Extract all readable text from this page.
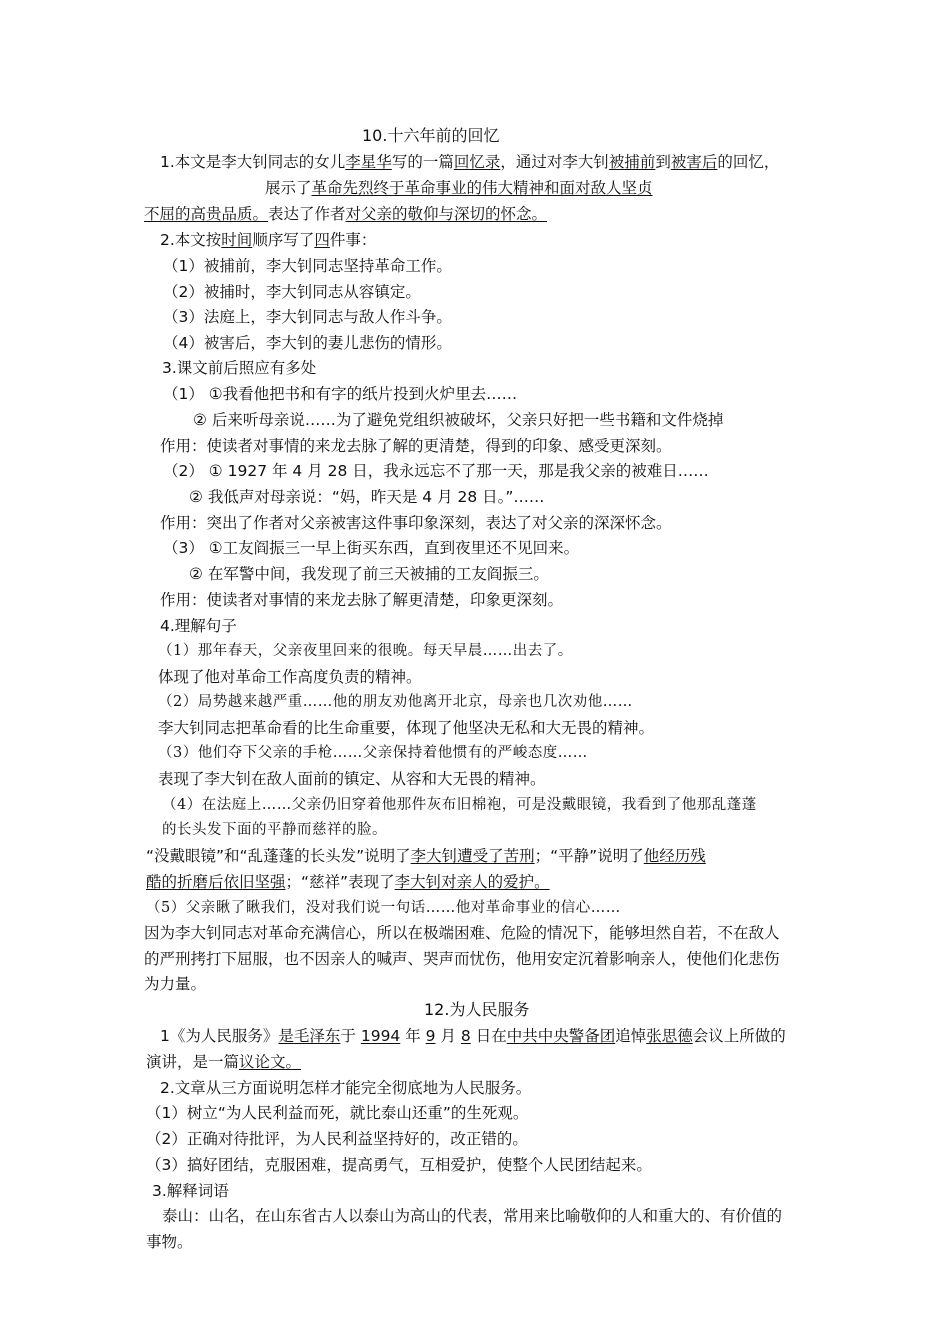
10.十六年前的回忆
1.本文是李大钊同志的女儿李星华写的一篇回忆录，通过对李大钊被捕前到被害后的回忆，
展示了革命先烈终于革命事业的伟大精神和面对敌人坚贞
不屈的高贵品质。表达了作者对父亲的敬仰与深切的怀念。
2.本文按时间顺序写了四件事：
（1）被捕前，李大钊同志坚持革命工作。
（2）被捕时，李大钊同志从容镇定。
（3）法庭上，李大钊同志与敌人作斗争。
（4）被害后，李大钊的妻儿悲伤的情形。
3.课文前后照应有多处
（1） ①我看他把书和有字的纸片投到火炉里去……
② 后来听母亲说……为了避免党组织被破坏，父亲只好把一些书籍和文件烧掉
作用：使读者对事情的来龙去脉了解的更清楚，得到的印象、感受更深刻。
（2） ① 1927 年 4 月 28 日，我永远忘不了那一天，那是我父亲的被难日……
② 我低声对母亲说：“妈，昨天是 4 月 28 日。”……
作用：突出了作者对父亲被害这件事印象深刻，表达了对父亲的深深怀念。
（3） ①工友阎振三一早上街买东西，直到夜里还不见回来。
② 在军警中间，我发现了前三天被捕的工友阎振三。
作用：使读者对事情的来龙去脉了解更清楚，印象更深刻。
4.理解句子
（1）那年春天，父亲夜里回来的很晚。每天早晨……出去了。
体现了他对革命工作高度负责的精神。
（2）局势越来越严重……他的朋友劝他离开北京，母亲也几次劝他……
李大钊同志把革命看的比生命重要，体现了他坚决无私和大无畏的精神。
（3）他们夺下父亲的手枪……父亲保持着他惯有的严峻态度……
表现了李大钊在敌人面前的镇定、从容和大无畏的精神。
（4）在法庭上……父亲仍旧穿着他那件灰布旧棉袍，可是没戴眼镜，我看到了他那乱蓬蓬
的长头发下面的平静而慈祥的脸。
“没戴眼镜”和“乱蓬蓬的长头发”说明了李大钊遭受了苦刑；“平静”说明了他经历残
酷的折磨后依旧坚强；“慈祥”表现了李大钊对亲人的爱护。
（5）父亲瞅了瞅我们，没对我们说一句话……他对革命事业的信心……
因为李大钊同志对革命充满信心，所以在极端困难、危险的情况下，能够坦然自若，不在敌人
的严刑拷打下屈服，也不因亲人的喊声、哭声而忧伤，他用安定沉着影响亲人，使他们化悲伤
为力量。
12.为人民服务
1《为人民服务》是毛泽东于 1994 年 9 月 8 日在中共中央警备团追悼张思德会议上所做的
演讲，是一篇议论文。
2.文章从三方面说明怎样才能完全彻底地为人民服务。
（1）树立“为人民利益而死，就比泰山还重”的生死观。
（2）正确对待批评，为人民利益坚持好的，改正错的。
（3）搞好团结，克服困难，提高勇气，互相爱护，使整个人民团结起来。
3.解释词语
泰山：山名，在山东省古人以泰山为高山的代表，常用来比喻敬仰的人和重大的、有价值的
事物。
